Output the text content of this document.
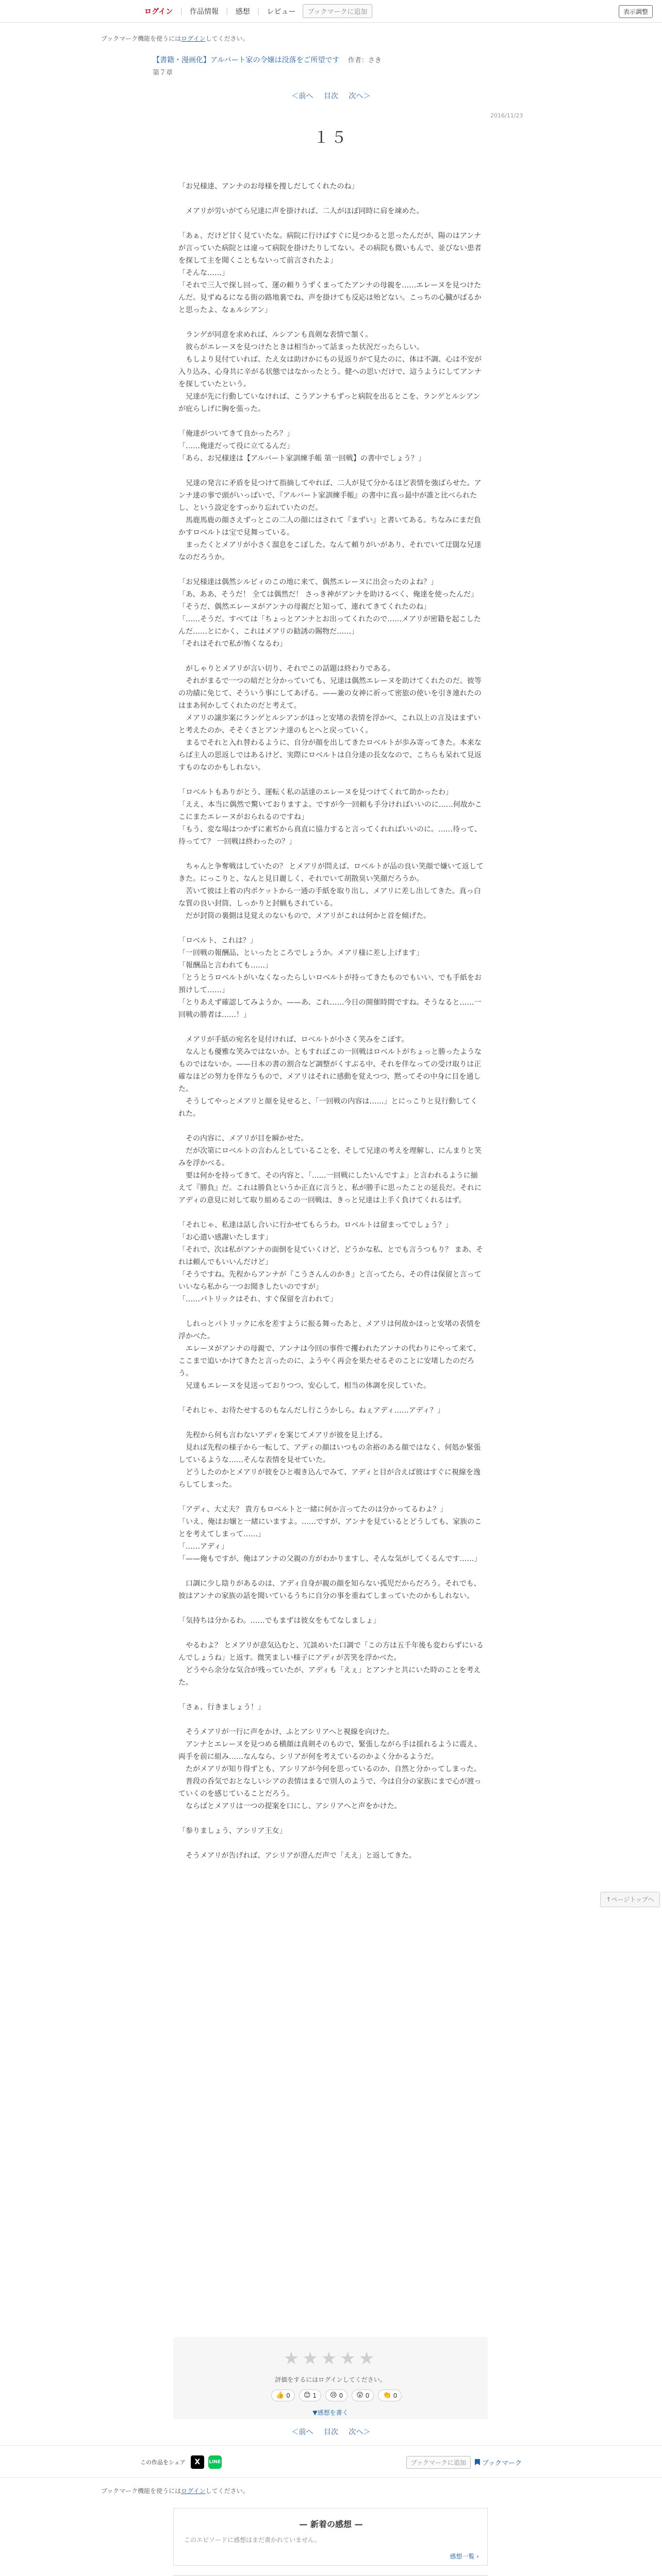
ログイン | 作品情報 | 感想 | レビュー	ブックマークに追加	表示調整
ブックマーク機能を使うにはログインしてください。
【書籍・漫画化】アルバート家の令嬢は没落をご所望です 作者：さき
第７章
＜前へ 目次 次へ＞
2016/11/23
１５

「お兄様達、アンナのお母様を捜しだしてくれたのね」

　メアリが労いがてら兄達に声を掛ければ、二人がほぼ同時に肩を竦めた。

「あぁ、だけど甘く見ていたな。病院に行けばすぐに見つかると思ったんだが、陽のはアンナが言っていた病院とは違って病院を掛けたりしてない。その病院も微いもんで、並びない患者を探して主を聞くこともないって前言されたよ」
「そんな……」
「それで三人で探し回って、運の頼りうずくまってたアンナの母親を……エレーヌを見つけたんだ。見ずぬるになる街の路地裏でね、声を掛けても反応は殆どない。こっちの心臓がぱるかと思ったよ、なぁルシアン」

　ランゲが同意を求めれば、ルシアンも真剣な表情で頷く。
　彼らがエレーヌを見つけたときは相当かって話まった状況だったらしい。
　もしより見付ていれば、たえ女は助けかにもの見返りがて見たのに、体は不調、心は不安が入り込み、心身共に辛がる状態ではなかったとう。健への思いだけで、這うようにしてアンナを探していたという。
　兄達が先に行動していなければ、こうアンナもずっと病院を出るとこを、ランゲとルシアンが庇らしげに胸を張った。

「俺達がついてきて良かったろ？」
「……俺達だって役に立てるんだ」
「あら、お兄様達は【アルバート家訓練手帳 第一回戦】の書中でしょう？」

　兄達の発言に矛盾を見つけて指摘してやれば、二人が見て分かるほど表情を強ばらせた。アンナ達の事で頭がいっぱいで、『アルバート家訓練手帳』の書中に真っ最中が誰と比べられたし、という設定をすっかり忘れていたのだ。
　馬鹿馬鹿の顔さえずっとこの二人の顔にはされて『まずい』と書いてある。ちなみにまだ負かすロベルトは宝で見舞っている。
　まったくとメアリが小さく溜息をこぼした。なんて頼りがいがあり、それでいて迂闊な兄達なのだろうか。

「お兄様達は偶然シルビィのこの地に来て、偶然エレーヌに出会ったのよね？」
「あ、ああ、そうだ！ 全ては偶然だ！ さっき神がアンナを助けるべく、俺達を使ったんだ」
「そうだ、偶然エレーヌがアンナの母親だと知って、連れてきてくれたのね」
「……そうだ。すべては「ちょっとアンナとお出ってくれたので……メアリが密籍を起こしたんだ……とにかく、これはメアリの勧誘の賜物だ……」
「それはそれで私が怖くなるわ」

　がしゃりとメアリが言い切り、それでこの話題は終わりである。
　それがまるで一つの暗だと分かっていても、兄達は偶然エレーヌを助けてくれたのだ。彼等の功績に免じて、そういう事にしてあげる。——兼の女神に祈って密旅の使いを引き連れたのはまあ何かしてくれたのだと考えて。
　メアリの譲歩案にランゲとルシアンがほっと安堵の表情を浮かべ、これ以上の言及はまずいと考えたのか、そそくさとアンナ達のもとへと戻っていく。
　まるでそれと入れ替わるように、自分が顔を出してきたロベルトが歩み寄ってきた。本来ならば主人の思返しではあるけど、実際にロベルトは自分達の長女なので、こちらも呆れて見返すものなのかもしれない。

「ロベルトもありがとう、運転く私の話達のエレーヌを見つけてくれて助かったわ」
「ええ、本当に偶然で驚いておりますよ。ですが今一回頼も手分ければいいのに……何故かここにまたエレーヌがおられるのですね」
「もう、変な場はつかずに素ぢから真直に協力すると言ってくれればいいのに。……待って、待ってて？ 一回戦は終わったの？」

　ちゃんと争奪戦はしていたの？ とメアリが問えば、ロベルトが品の良い笑顔で嫌いて返してきた。にっこりと、なんと見目麗しく、それでいて胡散臭い笑顔だろうか。
　苦いて彼は上着の内ポケットから一通の手紙を取り出し、メアリに差し出してきた。真っ白な質の良い封筒、しっかりと封蝋もされている。
　だが封筒の裏側は見覚えのないもので、メアリがこれは何かと首を傾げた。

「ロベルト、これは？」
「一回戦の報酬品、といったところでしょうか。メアリ様に差し上げます」
「報酬品と言われても……」
「とうとうロベルトがいなくなったらしいロベルトが持ってきたものでもいい、でも手紙をお預けして……」
「とりあえず確認してみようか。——あ、これ……今日の開催時間ですね。そうなると……一回戦の勝者は……！」

　メアリが手紙の宛名を見付ければ、ロベルトが小さく笑みをこぼす。
　なんとも優雅な笑みではないか。ともすればこの一回戦はロベルトがちょっと勝ったようなものではないか。——日本の書の割合など調整がくすぶる中、それを伴なっての受け取りは正確なほどの努力を伴なうもので、メアリはそれに感動を覚えつつ、黙ってその中身に目を通した。
　そうしてやっとメアリと顔を見せると、「一回戦の内容は……」とにっこりと見行動してくれた。

　その内容に、メアリが目を瞬かせた。
　だが次第にロベルトの言わんとしていることを、そして兄達の考えを理解し、にんまりと笑みを浮かべる。
　要は何かを持ってきて、その内容と、「……一回戦にしたいんですよ」と言われるように揃えて『勝負』だ。これは勝負というか正直に言うと、私が勝手に思ったことの延長だ。それにアディの意見に対して取り組めるこの一回戦は、きっと兄達は上手く負けてくれるはず。

「それじゃ、私達は話し合いに行かせてもらうわ。ロベルトは留まってでしょう？」
「お心遣い感謝いたします」
「それで、次は私がアンナの面倒を見ていくけど、どうかな私、とでも言うつもり？ まあ、それは頼んでもいいんだけど」
「そうですね。先程からアンナが『こうさんんのかき』と言ってたら、その件は保留と言っていいなら私から一つお聞きしたいのですが」
「……パトリックはそれ、すぐ保留を言われて」

　しれっとパトリックに水を差すように振る舞ったあと、メアリは何故かほっと安堵の表情を浮かべた。
　エレーヌがアンナの母親で、アンナは今回の事件で攫われたアンナの代わりにやって来て、ここまで追いかけてきたと言ったのに、ようやく再会を果たせるそのことに安堵したのだろう。
　兄達もエレーヌを見送っておりつつ、安心して、相当の体調を戻していた。

「それじゃ、お待たせするのもなんだし行こうかしら。ねぇアディ……アディ？」

　先程から何も言わないアディを案じてメアリが彼を見上げる。
　見れば先程の様子から一転して、アディの顔はいつもの余裕のある顔ではなく、何処か緊張しているような……そんな表情を見せていた。
　どうしたのかとメアリが彼をひと覗き込んでみて、アディと目が合えば彼はすぐに視線を逸らしてしまった。

「アディ、大丈夫？ 貴方もロベルトと一緒に何か言ってたのは分かってるわよ？」
「いえ、俺はお嬢と一緒にいますよ。……ですが、アンナを見ているとどうしても、家族のことを考えてしまって……」
「……アディ」
「——俺もですが、俺はアンナの父親の方がわかりますし、そんな気がしてくるんです……」

　口調に少し陰りがあるのは、アディ自身が親の顔を知らない孤児だからだろう。それでも、彼はアンナの家族の話を聞いているうちに自分の事を重ねてしまっていたのかもしれない。

「気持ちは分かるわ。……でもまずは彼女をもてなしましょ」

　やるわよ？ とメアリが意気込むと、冗談めいた口調で「この方は五千年後も変わらずにいるんでしょうね」と返す。微笑ましい様子にアディが苦笑を浮かべた。
　どうやら余分な気合が残っていたが、アディも「えぇ」とアンナと共にいた時のことを考えた。

「さぁ、行きましょう！」

　そうメアリが一行に声をかけ、ふとアシリアへと視線を向けた。
　アンナとエレーヌを見つめる横顔は真剣そのもので、緊張しながら手は揺れるように震え、両手を前に組み……なんなら、シリアが何を考えているのかよく分かるようだ。
　たがメアリが知り得ずとも、アシリアが今何を思っているのか、自然と分かってしまった。
　普段の呑気でおとなしいシアの表情はまるで別人のようで、今は自分の家族にまで心が渡っていくのを感じていることだろう。
　ならばとメアリは一つの提案を口にし、アシリアへと声をかけた。

「参りましょう、アシリア王女」

　そうメアリが告げれば、アシリアが澄んだ声で「ええ」と返してきた。

↑ページトップへ
★★★★★
評価をするにはログインしてください。
👍 0 😊 1 😢 0 😲 0 👏 0
▼感想を書く
＜前へ 目次 次へ＞
この作品をシェア	X	LINE	ブックマークに追加	ブックマーク
ブックマーク機能を使うにはログインしてください。
— 新着の感想 —
このエピソードに感想はまだ書かれていません。
感想一覧 ›
